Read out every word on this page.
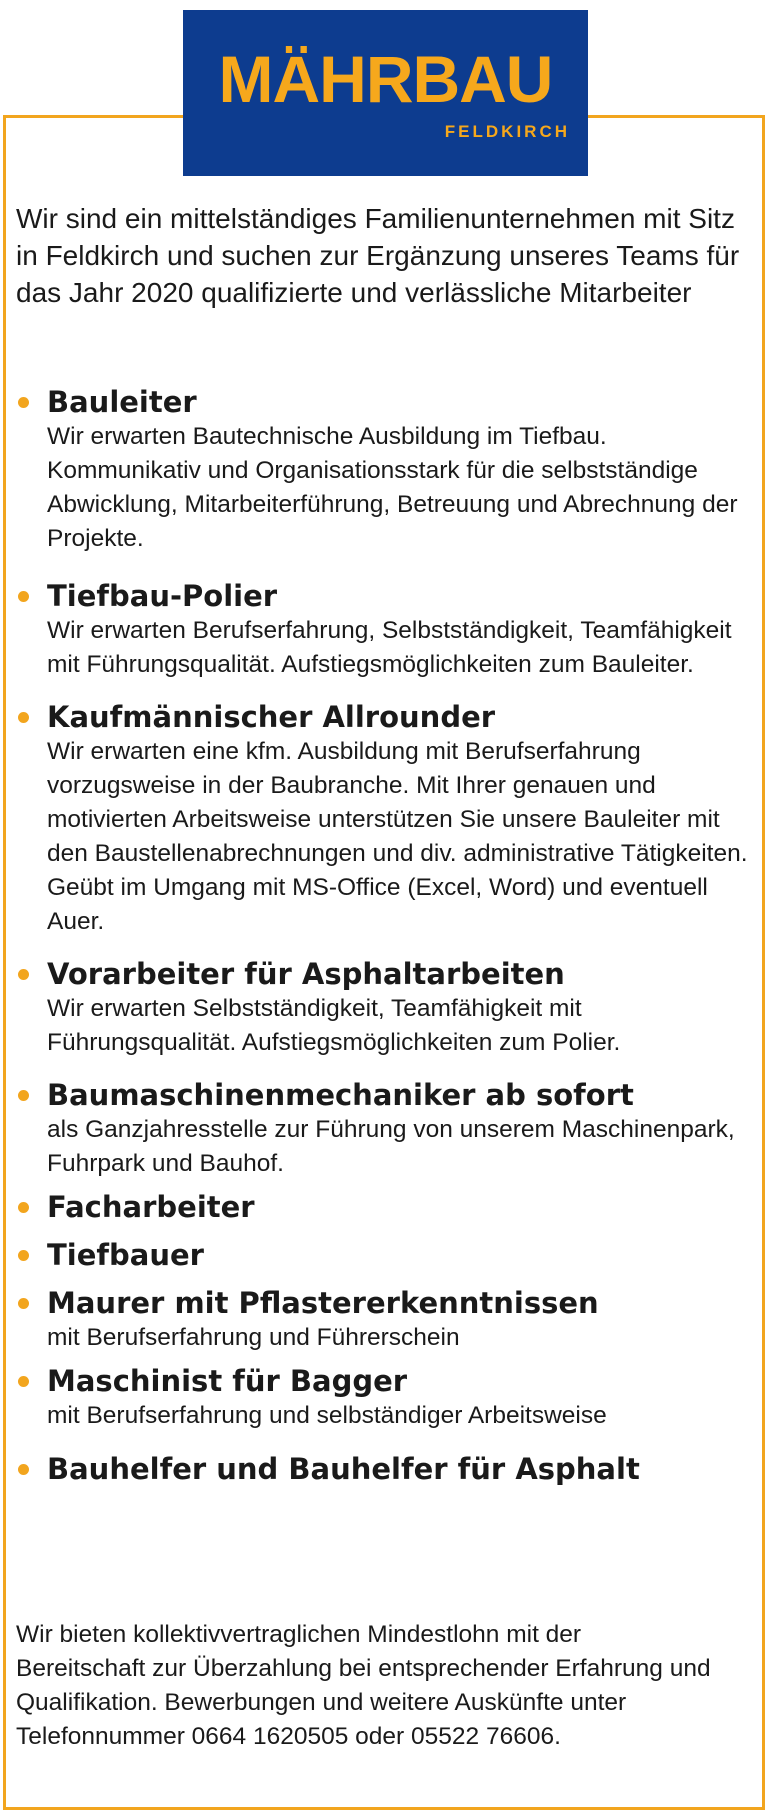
MÄHRBAU
FELDKIRCH
Wir sind ein mittelständiges Familienunternehmen mit Sitz in Feldkirch und suchen zur Ergänzung unseres Teams für das Jahr 2020 qualifizierte und verlässliche Mitarbeiter
Bauleiter
Wir erwarten Bautechnische Ausbildung im Tiefbau. Kommunikativ und Organisationsstark für die selbstständige Abwicklung, Mitarbeiterführung, Betreuung und Abrechnung der Projekte.
Tiefbau-Polier
Wir erwarten Berufserfahrung, Selbstständigkeit, Teamfähigkeit mit Führungsqualität. Aufstiegsmöglichkeiten zum Bauleiter.
Kaufmännischer Allrounder
Wir erwarten eine kfm. Ausbildung mit Berufserfahrung vorzugsweise in der Baubranche. Mit Ihrer genauen und motivierten Arbeitsweise unterstützen Sie unsere Bauleiter mit den Baustellenabrechnungen und div. administrative Tätigkeiten. Geübt im Umgang mit MS-Office (Excel, Word) und eventuell Auer.
Vorarbeiter für Asphaltarbeiten
Wir erwarten Selbstständigkeit, Teamfähigkeit mit Führungsqualität. Aufstiegsmöglichkeiten zum Polier.
Baumaschinenmechaniker ab sofort
als Ganzjahresstelle zur Führung von unserem Maschinenpark, Fuhrpark und Bauhof.
Facharbeiter
Tiefbauer
Maurer mit Pflastererkenntnissen
mit Berufserfahrung und Führerschein
Maschinist für Bagger
mit Berufserfahrung und selbständiger Arbeitsweise
Bauhelfer und Bauhelfer für Asphalt
Wir bieten kollektivvertraglichen Mindestlohn mit der Bereitschaft zur Überzahlung bei entsprechender Erfahrung und Qualifikation. Bewerbungen und weitere Auskünfte unter Telefonnummer 0664 1620505 oder 05522 76606.
